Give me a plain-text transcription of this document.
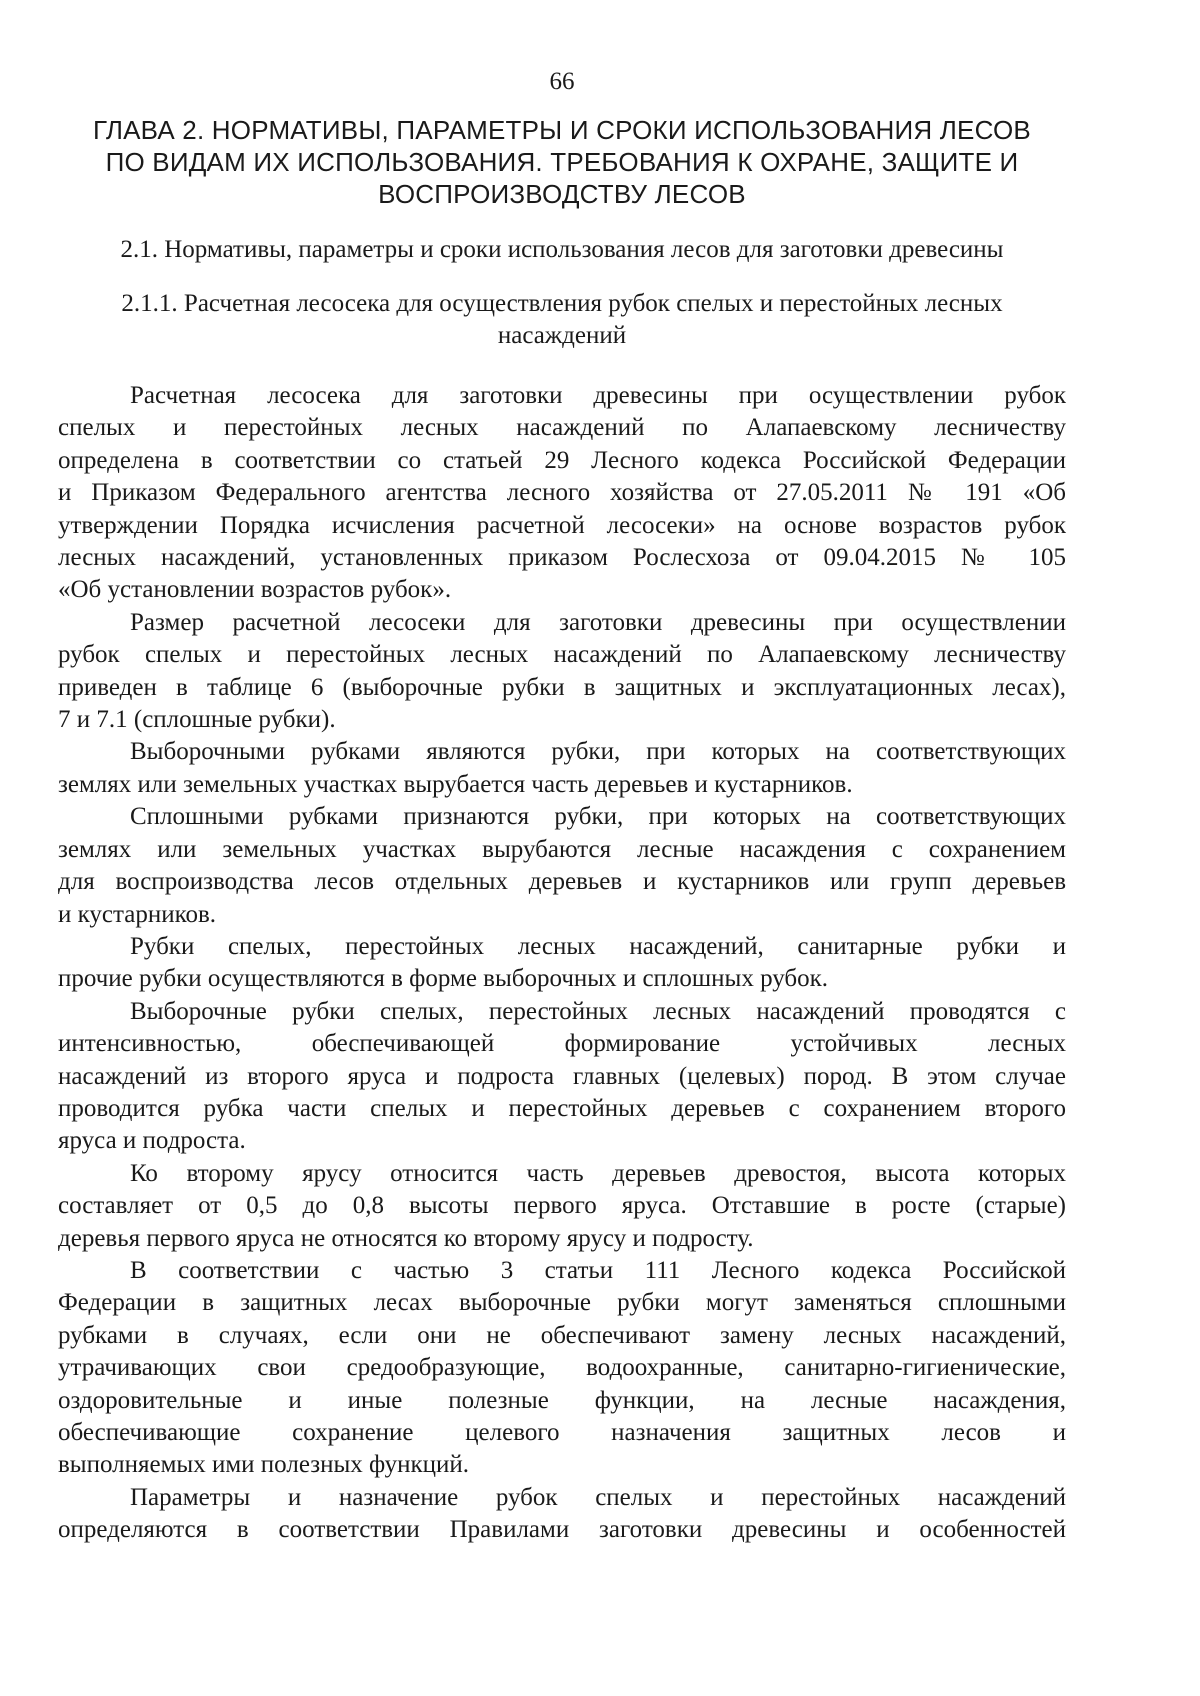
66
ГЛАВА 2. НОРМАТИВЫ, ПАРАМЕТРЫ И СРОКИ ИСПОЛЬЗОВАНИЯ ЛЕСОВ
ПО ВИДАМ ИХ ИСПОЛЬЗОВАНИЯ. ТРЕБОВАНИЯ К ОХРАНЕ, ЗАЩИТЕ И
ВОСПРОИЗВОДСТВУ ЛЕСОВ
2.1. Нормативы, параметры и сроки использования лесов для заготовки древесины
2.1.1. Расчетная лесосека для осуществления рубок спелых и перестойных лесных
насаждений
Расчетная лесосека для заготовки древесины при осуществлении рубок
спелых и перестойных лесных насаждений по Алапаевскому лесничеству
определена в соответствии со статьей 29 Лесного кодекса Российской Федерации
и Приказом Федерального агентства лесного хозяйства от 27.05.2011 № 191 «Об
утверждении Порядка исчисления расчетной лесосеки» на основе возрастов рубок
лесных насаждений, установленных приказом Рослесхоза от 09.04.2015 № 105
«Об установлении возрастов рубок».
Размер расчетной лесосеки для заготовки древесины при осуществлении
рубок спелых и перестойных лесных насаждений по Алапаевскому лесничеству
приведен в таблице 6 (выборочные рубки в защитных и эксплуатационных лесах),
7 и 7.1 (сплошные рубки).
Выборочными рубками являются рубки, при которых на соответствующих
землях или земельных участках вырубается часть деревьев и кустарников.
Сплошными рубками признаются рубки, при которых на соответствующих
землях или земельных участках вырубаются лесные насаждения с сохранением
для воспроизводства лесов отдельных деревьев и кустарников или групп деревьев
и кустарников.
Рубки спелых, перестойных лесных насаждений, санитарные рубки и
прочие рубки осуществляются в форме выборочных и сплошных рубок.
Выборочные рубки спелых, перестойных лесных насаждений проводятся с
интенсивностью, обеспечивающей формирование устойчивых лесных
насаждений из второго яруса и подроста главных (целевых) пород. В этом случае
проводится рубка части спелых и перестойных деревьев с сохранением второго
яруса и подроста.
Ко второму ярусу относится часть деревьев древостоя, высота которых
составляет от 0,5 до 0,8 высоты первого яруса. Отставшие в росте (старые)
деревья первого яруса не относятся ко второму ярусу и подросту.
В соответствии с частью 3 статьи 111 Лесного кодекса Российской
Федерации в защитных лесах выборочные рубки могут заменяться сплошными
рубками в случаях, если они не обеспечивают замену лесных насаждений,
утрачивающих свои средообразующие, водоохранные, санитарно-гигиенические,
оздоровительные и иные полезные функции, на лесные насаждения,
обеспечивающие сохранение целевого назначения защитных лесов и
выполняемых ими полезных функций.
Параметры и назначение рубок спелых и перестойных насаждений
определяются в соответствии Правилами заготовки древесины и особенностей
